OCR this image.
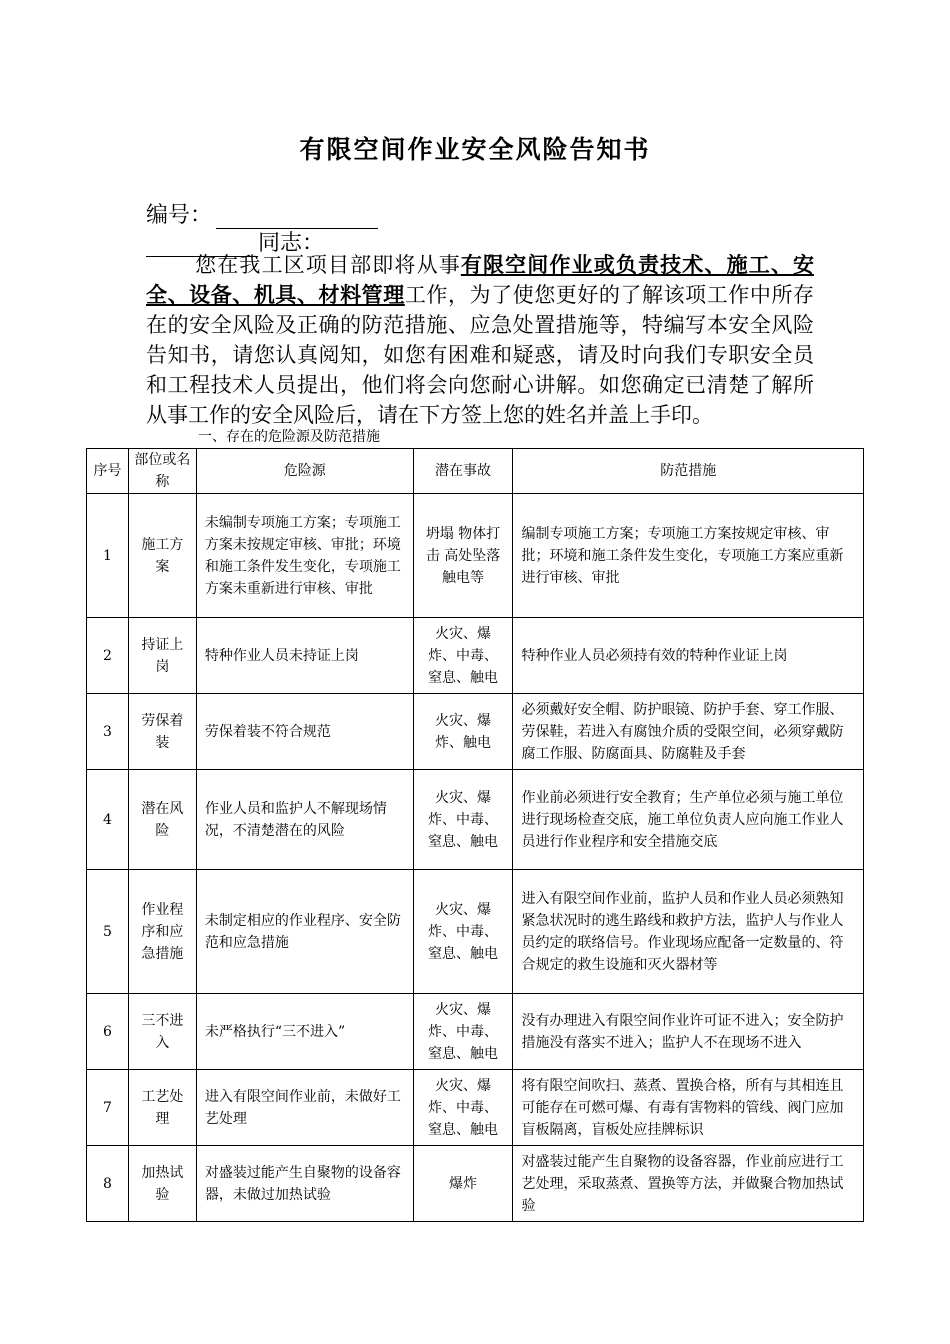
有限空间作业安全风险告知书
编号：
同志：
您在我工区项目部即将从事有限空间作业或负责技术、施工、安全、设备、机具、材料管理工作，为了使您更好的了解该项工作中所存在的安全风险及正确的防范措施、应急处置措施等，特编写本安全风险告知书，请您认真阅知，如您有困难和疑惑，请及时向我们专职安全员和工程技术人员提出，他们将会向您耐心讲解。如您确定已清楚了解所从事工作的安全风险后，请在下方签上您的姓名并盖上手印。
一、存在的危险源及防范措施
序号	部位或名称	危险源	潜在事故	防范措施
1	施工方案	未编制专项施工方案；专项施工方案未按规定审核、审批；环境和施工条件发生变化，专项施工方案未重新进行审核、审批	坍塌 物体打击 高处坠落 触电等	编制专项施工方案；专项施工方案按规定审核、审批；环境和施工条件发生变化，专项施工方案应重新进行审核、审批
2	持证上岗	特种作业人员未持证上岗	火灾、爆炸、中毒、窒息、触电	特种作业人员必须持有效的特种作业证上岗
3	劳保着装	劳保着装不符合规范	火灾、爆炸、触电	必须戴好安全帽、防护眼镜、防护手套、穿工作服、劳保鞋，若进入有腐蚀介质的受限空间，必须穿戴防腐工作服、防腐面具、防腐鞋及手套
4	潜在风险	作业人员和监护人不解现场情况，不清楚潜在的风险	火灾、爆炸、中毒、窒息、触电	作业前必须进行安全教育；生产单位必须与施工单位进行现场检查交底，施工单位负责人应向施工作业人员进行作业程序和安全措施交底
5	作业程序和应急措施	未制定相应的作业程序、安全防范和应急措施	火灾、爆炸、中毒、窒息、触电	进入有限空间作业前，监护人员和作业人员必须熟知紧急状况时的逃生路线和救护方法，监护人与作业人员约定的联络信号。作业现场应配备一定数量的、符合规定的救生设施和灭火器材等
6	三不进入	未严格执行“三不进入”	火灾、爆炸、中毒、窒息、触电	没有办理进入有限空间作业许可证不进入；安全防护措施没有落实不进入；监护人不在现场不进入
7	工艺处理	进入有限空间作业前，未做好工艺处理	火灾、爆炸、中毒、窒息、触电	将有限空间吹扫、蒸煮、置换合格，所有与其相连且可能存在可燃可爆、有毒有害物料的管线、阀门应加盲板隔离，盲板处应挂牌标识
8	加热试验	对盛装过能产生自聚物的设备容器，未做过加热试验	爆炸	对盛装过能产生自聚物的设备容器，作业前应进行工艺处理，采取蒸煮、置换等方法，并做聚合物加热试验
